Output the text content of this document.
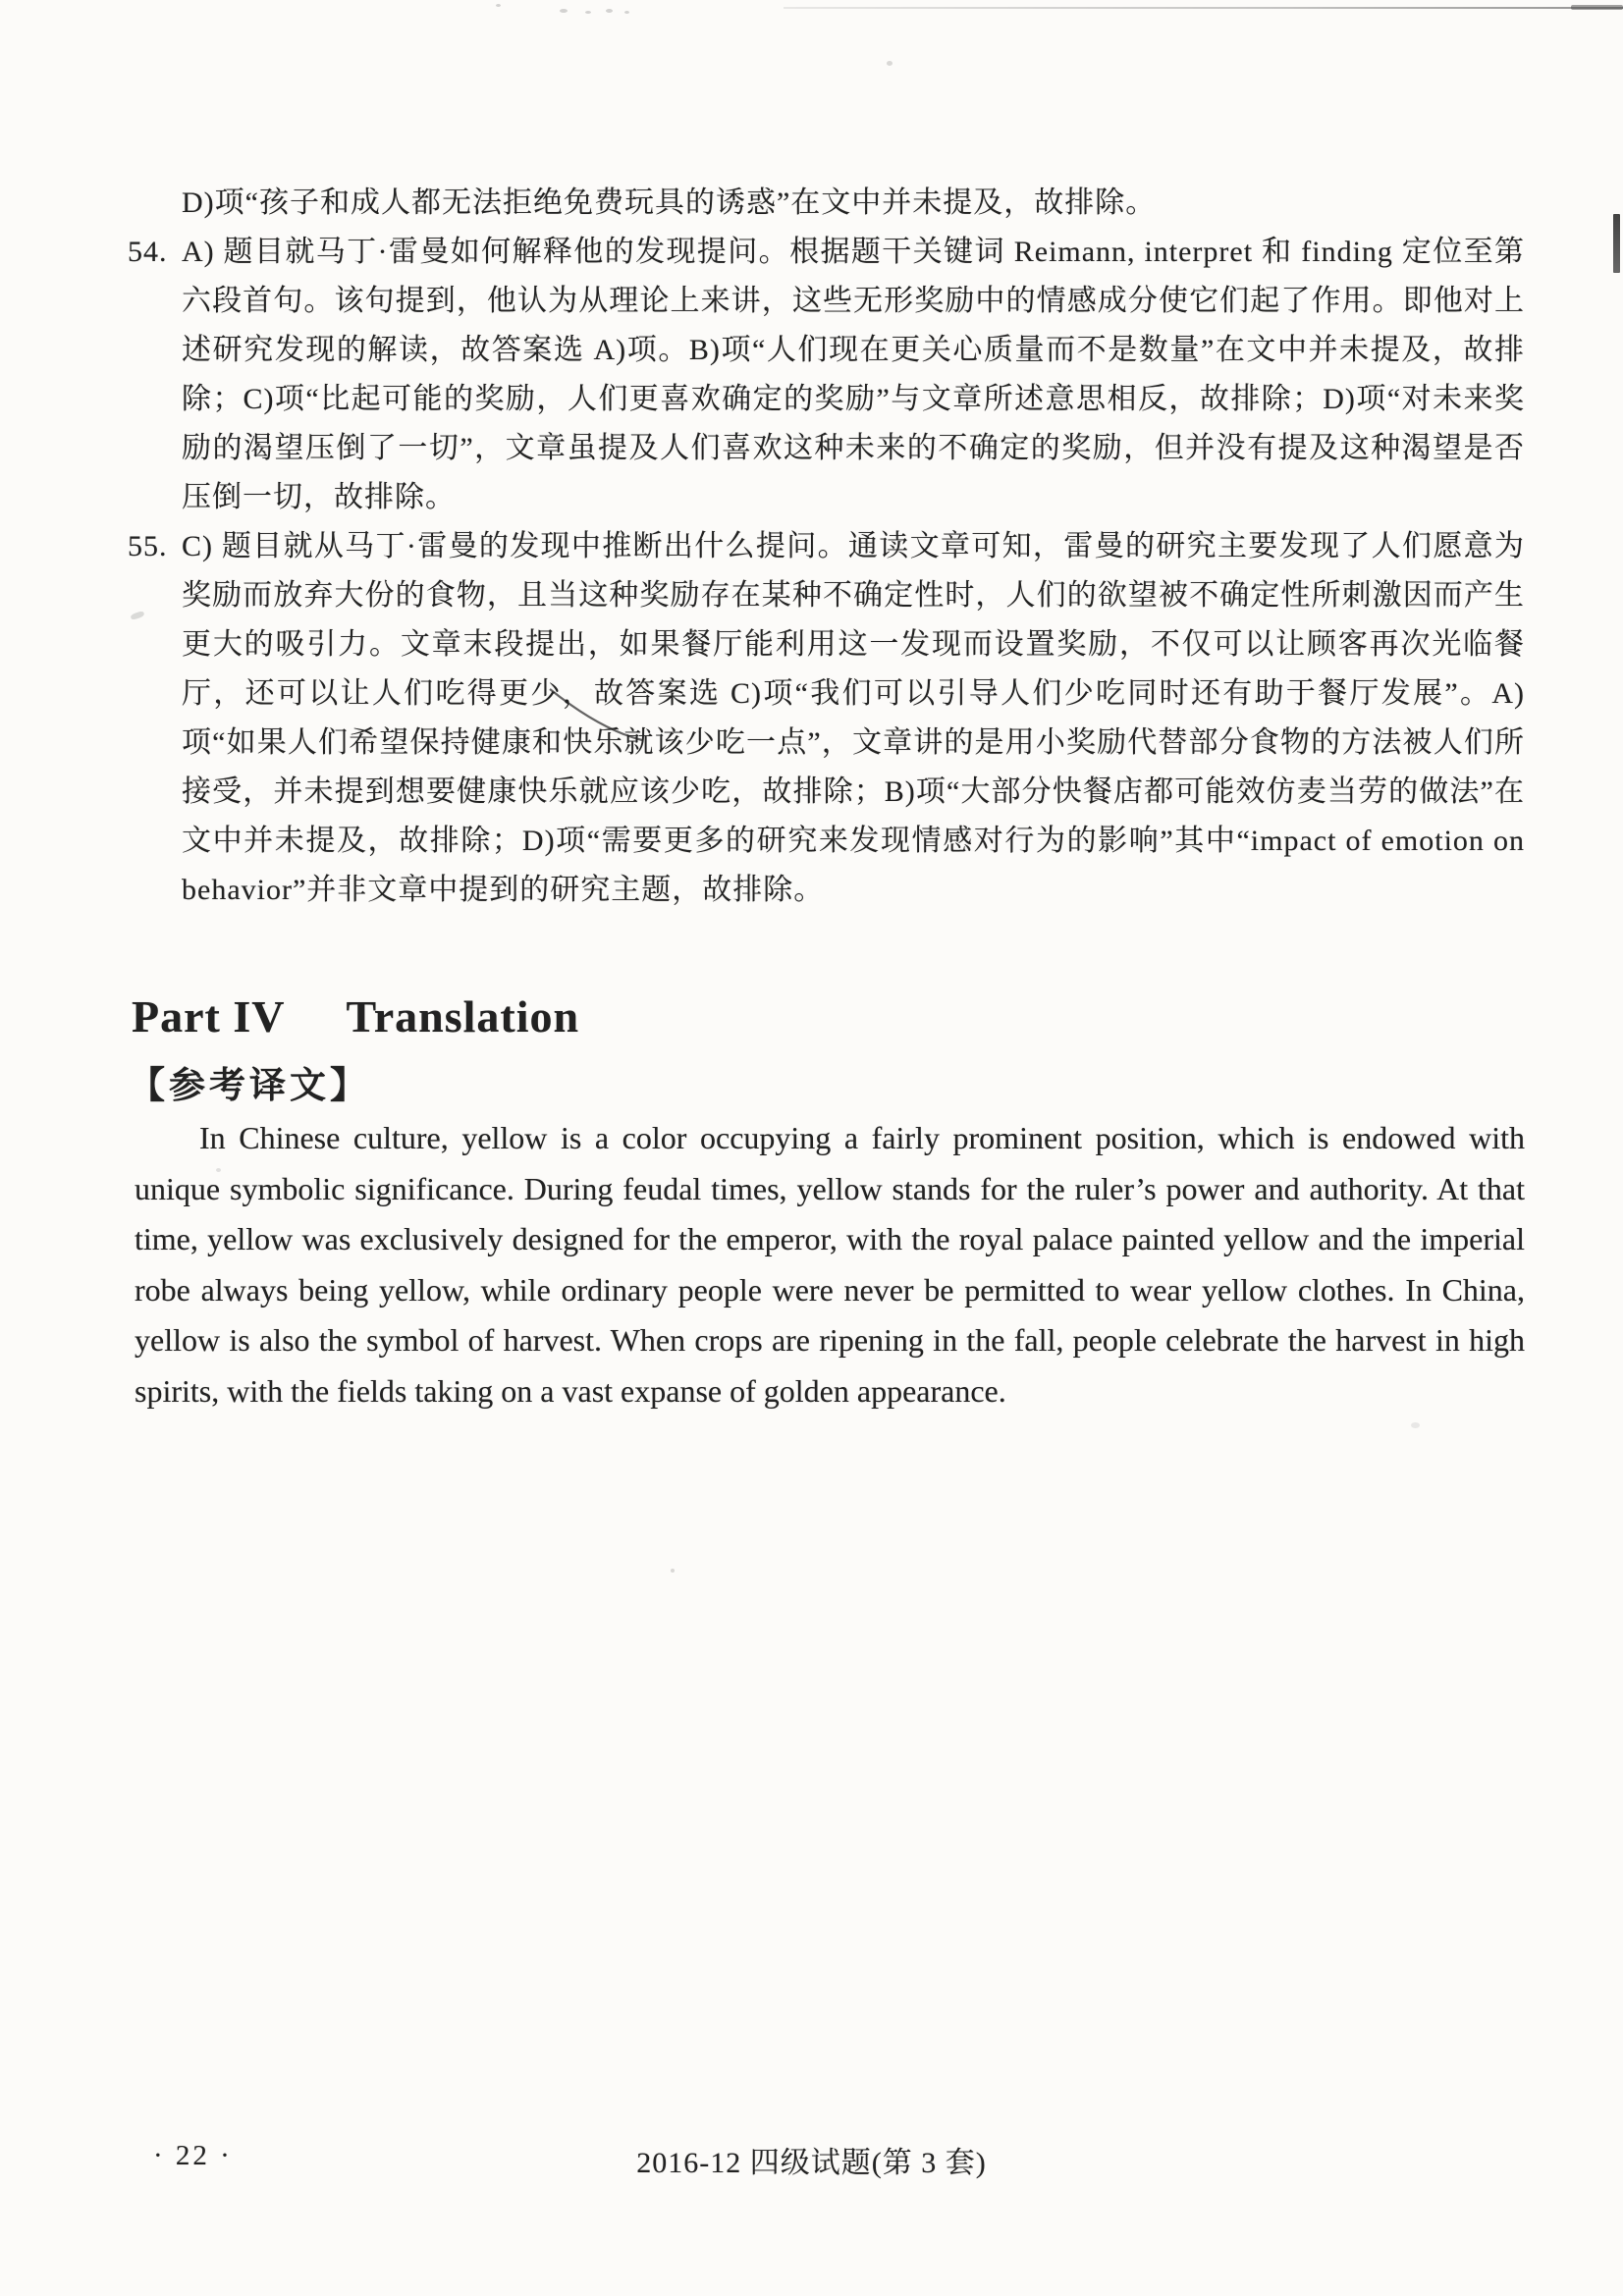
D)项“孩子和成人都无法拒绝免费玩具的诱惑”在文中并未提及，故排除。

54. A) 题目就马丁·雷曼如何解释他的发现提问。根据题干关键词 Reimann, interpret 和 finding 定位至第六段首句。该句提到，他认为从理论上来讲，这些无形奖励中的情感成分使它们起了作用。即他对上述研究发现的解读，故答案选 A)项。B)项“人们现在更关心质量而不是数量”在文中并未提及，故排除；C)项“比起可能的奖励，人们更喜欢确定的奖励”与文章所述意思相反，故排除；D)项“对未来奖励的渴望压倒了一切”，文章虽提及人们喜欢这种未来的不确定的奖励，但并没有提及这种渴望是否压倒一切，故排除。

55. C) 题目就从马丁·雷曼的发现中推断出什么提问。通读文章可知，雷曼的研究主要发现了人们愿意为奖励而放弃大份的食物，且当这种奖励存在某种不确定性时，人们的欲望被不确定性所刺激因而产生更大的吸引力。文章末段提出，如果餐厅能利用这一发现而设置奖励，不仅可以让顾客再次光临餐厅，还可以让人们吃得更少，故答案选 C)项“我们可以引导人们少吃同时还有助于餐厅发展”。A)项“如果人们希望保持健康和快乐就该少吃一点”，文章讲的是用小奖励代替部分食物的方法被人们所接受，并未提到想要健康快乐就应该少吃，故排除；B)项“大部分快餐店都可能效仿麦当劳的做法”在文中并未提及，故排除；D)项“需要更多的研究来发现情感对行为的影响”其中“impact of emotion on behavior”并非文章中提到的研究主题，故排除。

Part IV Translation
【参考译文】

In Chinese culture, yellow is a color occupying a fairly prominent position, which is endowed with unique symbolic significance. During feudal times, yellow stands for the ruler’s power and authority. At that time, yellow was exclusively designed for the emperor, with the royal palace painted yellow and the imperial robe always being yellow, while ordinary people were never be permitted to wear yellow clothes. In China, yellow is also the symbol of harvest. When crops are ripening in the fall, people celebrate the harvest in high spirits, with the fields taking on a vast expanse of golden appearance.

· 22 ·	2016-12 四级试题(第 3 套)
